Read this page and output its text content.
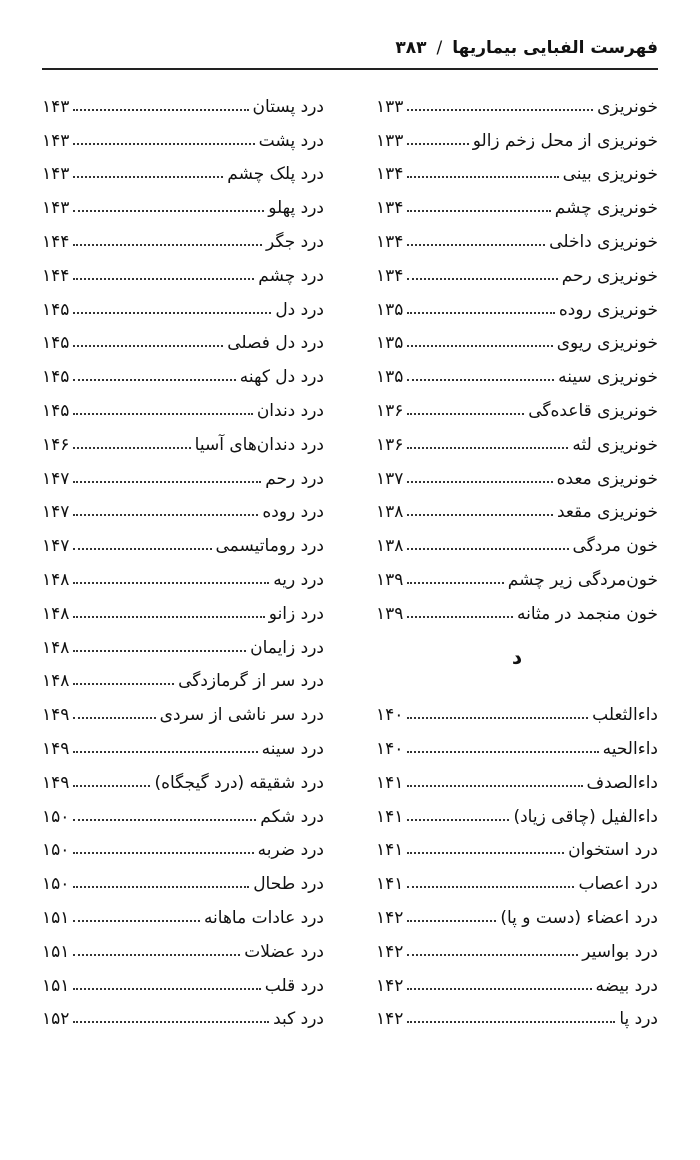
فهرست الفبایی بیماریها
/
۳۸۳
خونریزی
۱۳۳
خونریزی از محل زخم زالو
۱۳۳
خونریزی بینی
۱۳۴
خونریزی چشم
۱۳۴
خونریزی داخلی
۱۳۴
خونریزی رحم
۱۳۴
خونریزی روده
۱۳۵
خونریزی ریوی
۱۳۵
خونریزی سینه
۱۳۵
خونریزی قاعده‌گی
۱۳۶
خونریزی لثه
۱۳۶
خونریزی معده
۱۳۷
خونریزی مقعد
۱۳۸
خون مردگی
۱۳۸
خون‌مردگی زیر چشم
۱۳۹
خون منجمد در مثانه
۱۳۹
د
داءالثعلب
۱۴۰
داءالحیه
۱۴۰
داءالصدف
۱۴۱
داءالفیل (چاقی زیاد)
۱۴۱
درد استخوان
۱۴۱
درد اعصاب
۱۴۱
درد اعضاء (دست و پا)
۱۴۲
درد بواسیر
۱۴۲
درد بیضه
۱۴۲
درد پا
۱۴۲
درد پستان
۱۴۳
درد پشت
۱۴۳
درد پلک چشم
۱۴۳
درد پهلو
۱۴۳
درد جگر
۱۴۴
درد چشم
۱۴۴
درد دل
۱۴۵
درد دل فصلی
۱۴۵
درد دل کهنه
۱۴۵
درد دندان
۱۴۵
درد دندان‌های آسیا
۱۴۶
درد رحم
۱۴۷
درد روده
۱۴۷
درد روماتیسمی
۱۴۷
درد ریه
۱۴۸
درد زانو
۱۴۸
درد زایمان
۱۴۸
درد سر از گرمازدگی
۱۴۸
درد سر ناشی از سردی
۱۴۹
درد سینه
۱۴۹
درد شقیقه (درد گیجگاه)
۱۴۹
درد شکم
۱۵۰
درد ضربه
۱۵۰
درد طحال
۱۵۰
درد عادات ماهانه
۱۵۱
درد عضلات
۱۵۱
درد قلب
۱۵۱
درد کبد
۱۵۲
